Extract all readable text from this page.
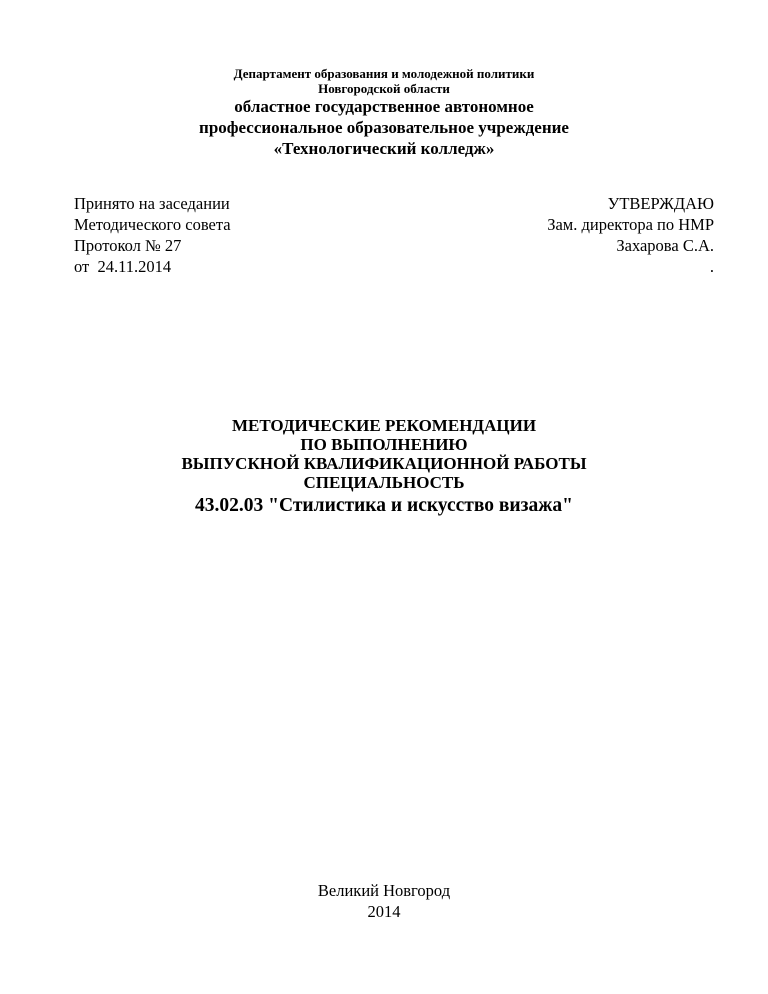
Департамент образования и молодежной политики
Новгородской области
областное государственное автономное
профессиональное образовательное учреждение
«Технологический колледж»
Принято на заседании
Методического совета
Протокол № 27
от  24.11.2014
УТВЕРЖДАЮ
Зам. директора по НМР
Захарова С.А.
.
МЕТОДИЧЕСКИЕ РЕКОМЕНДАЦИИ
ПО ВЫПОЛНЕНИЮ
ВЫПУСКНОЙ КВАЛИФИКАЦИОННОЙ РАБОТЫ
СПЕЦИАЛЬНОСТЬ
43.02.03 "Стилистика и искусство визажа"
Великий Новгород
2014
